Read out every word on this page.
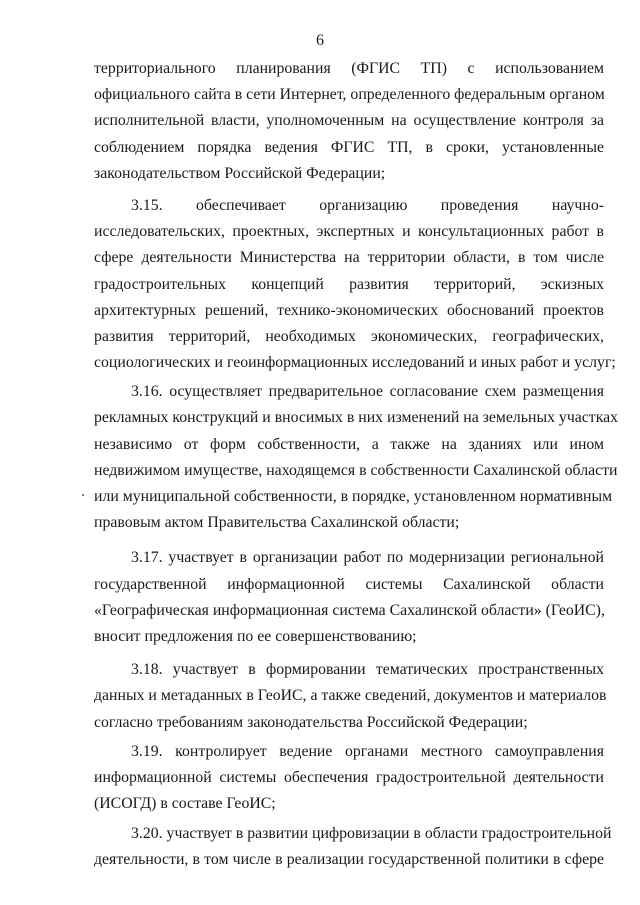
6
территориального планирования (ФГИС ТП) с использованием
официального сайта в сети Интернет, определенного федеральным органом
исполнительной власти, уполномоченным на осуществление контроля за
соблюдением порядка ведения ФГИС ТП, в сроки, установленные
законодательством Российской Федерации;
3.15. обеспечивает организацию проведения научно-
исследовательских, проектных, экспертных и консультационных работ в
сфере деятельности Министерства на территории области, в том числе
градостроительных концепций развития территорий, эскизных
архитектурных решений, технико-экономических обоснований проектов
развития территорий, необходимых экономических, географических,
социологических и геоинформационных исследований и иных работ и услуг;
3.16. осуществляет предварительное согласование схем размещения
рекламных конструкций и вносимых в них изменений на земельных участках
независимо от форм собственности, а также на зданиях или ином
недвижимом имуществе, находящемся в собственности Сахалинской области
или муниципальной собственности, в порядке, установленном нормативным
правовым актом Правительства Сахалинской области;
3.17. участвует в организации работ по модернизации региональной
государственной информационной системы Сахалинской области
«Географическая информационная система Сахалинской области» (ГеоИС),
вносит предложения по ее совершенствованию;
3.18. участвует в формировании тематических пространственных
данных и метаданных в ГеоИС, а также сведений, документов и материалов
согласно требованиям законодательства Российской Федерации;
3.19. контролирует ведение органами местного самоуправления
информационной системы обеспечения градостроительной деятельности
(ИСОГД) в составе ГеоИС;
3.20. участвует в развитии цифровизации в области градостроительной
деятельности, в том числе в реализации государственной политики в сфере
